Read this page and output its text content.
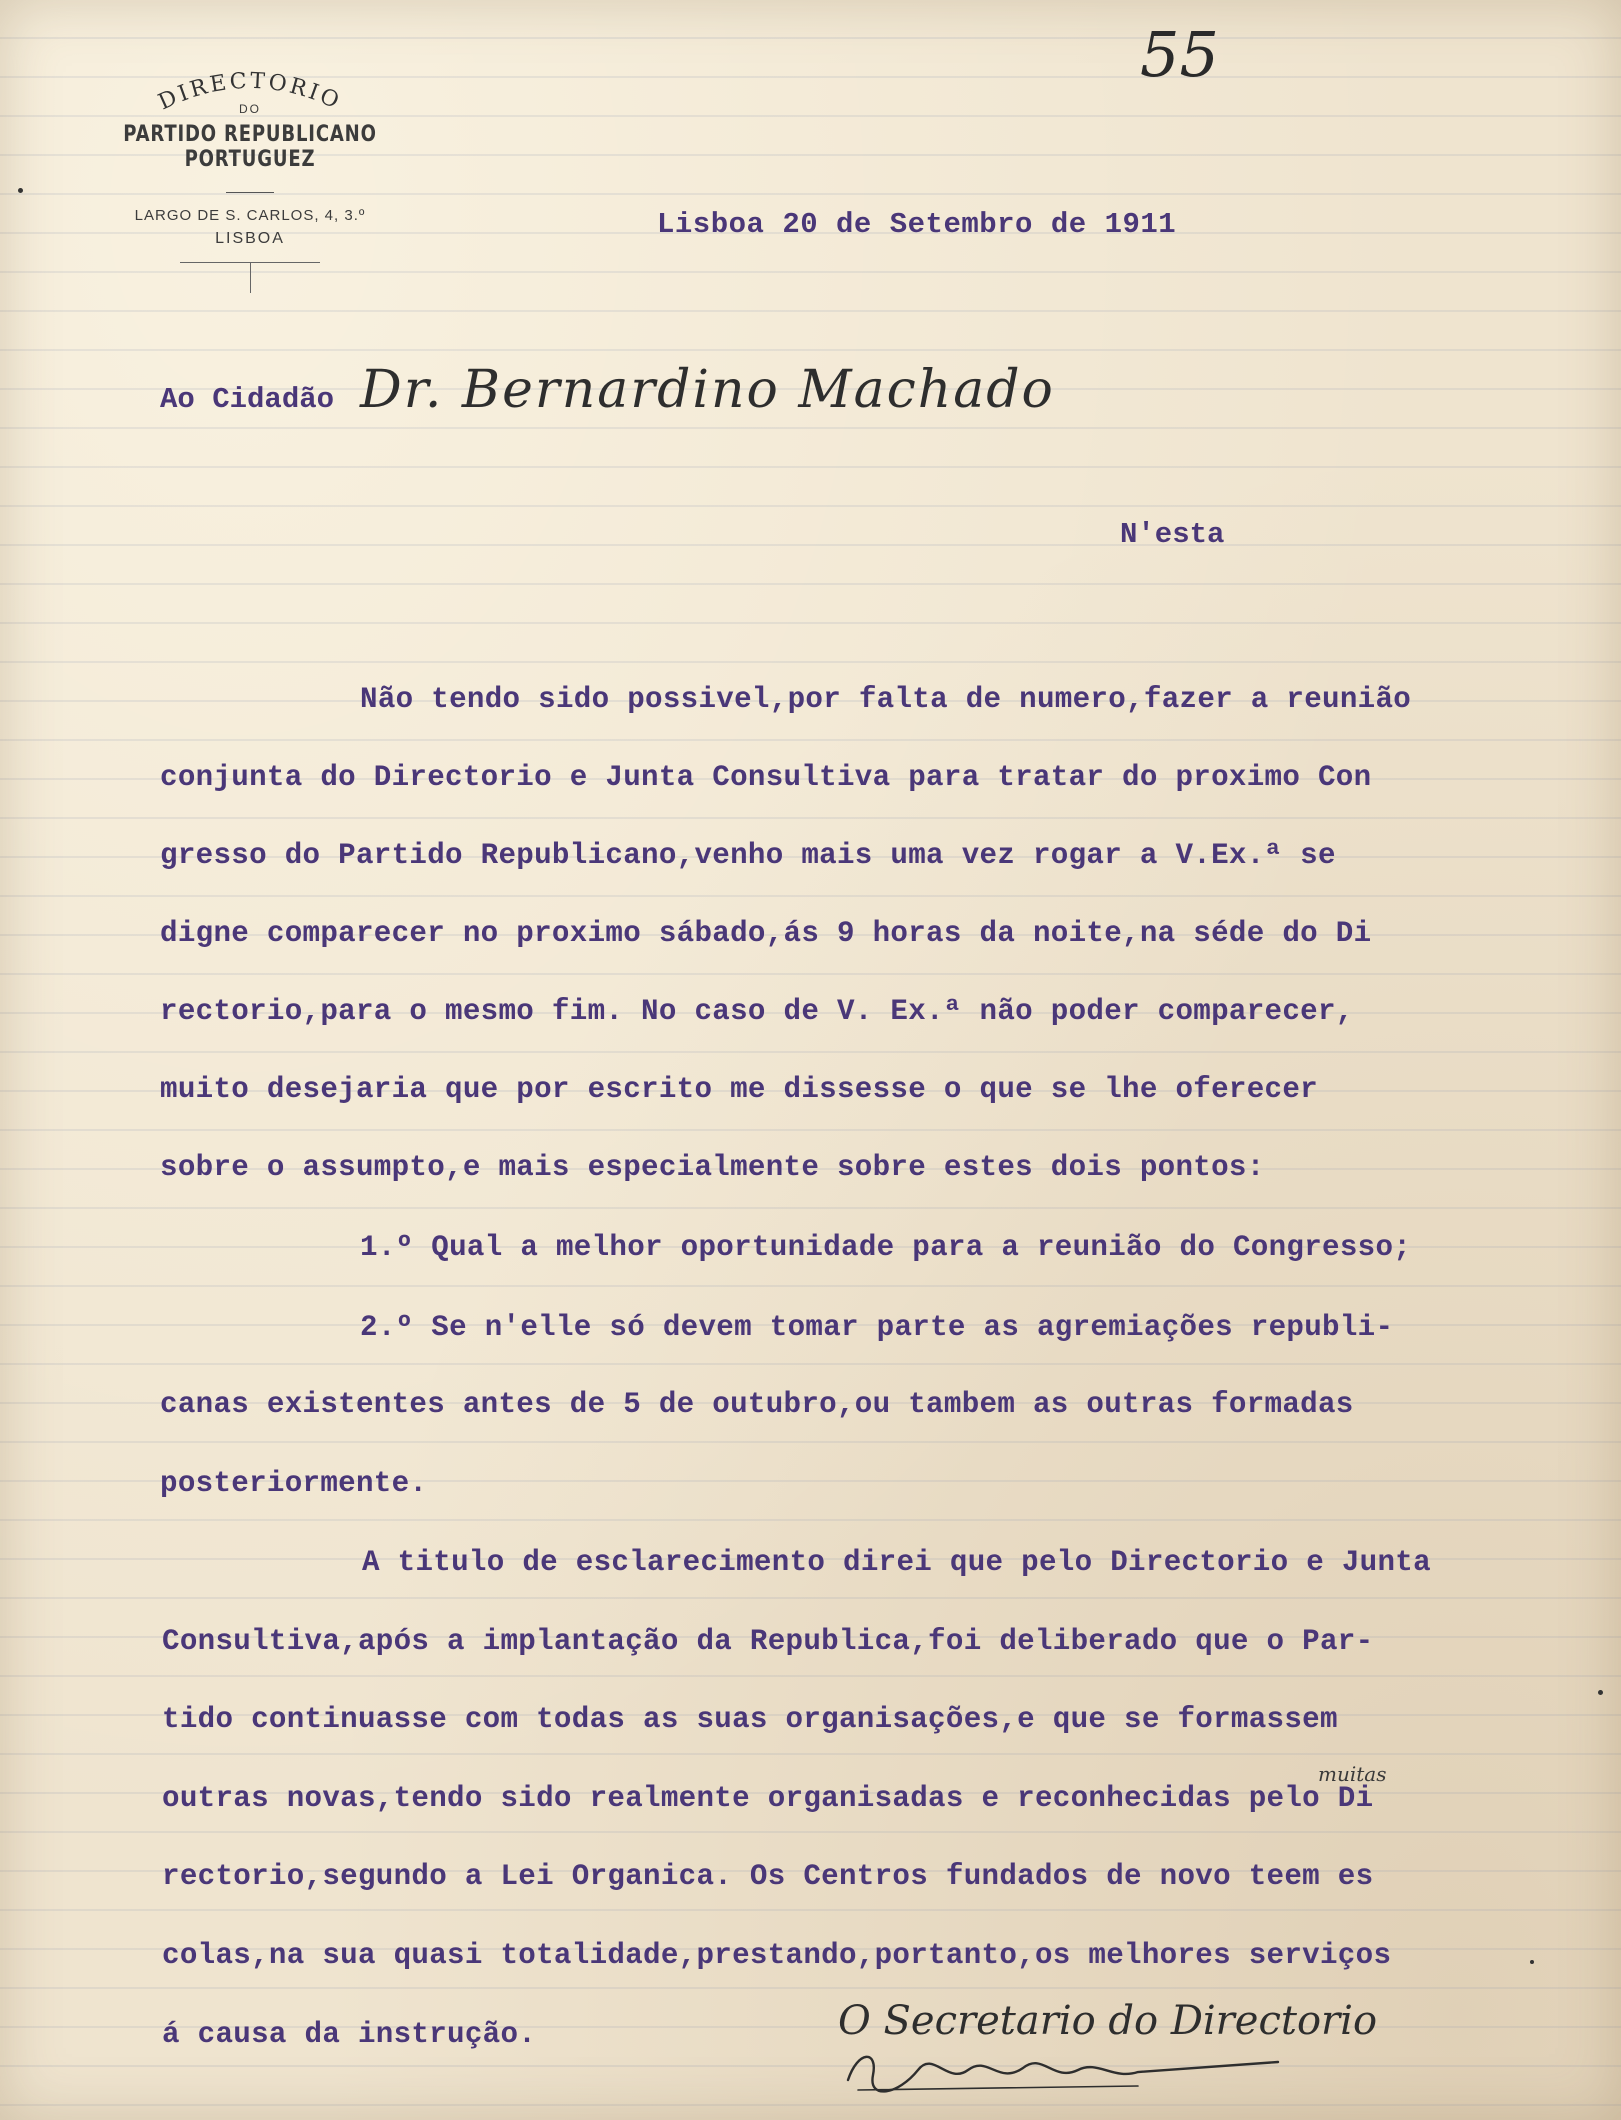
DIRECTORIO
DO
PARTIDO REPUBLICANO PORTUGUEZ
LARGO DE S. CARLOS, 4, 3.º
LISBOA
55
Lisboa 20 de Setembro de 1911
Ao Cidadão Dr. Bernardino Machado
N'esta
Não tendo sido possivel,por falta de numero,fazer a reunião
conjunta do Directorio e Junta Consultiva para tratar do proximo Con
gresso do Partido Republicano,venho mais uma vez rogar a V.Ex.ª se
digne comparecer no proximo sábado,ás 9 horas da noite,na séde do Di
rectorio,para o mesmo fim. No caso de V. Ex.ª não poder comparecer,
muito desejaria que por escrito me dissesse o que se lhe oferecer
sobre o assumpto,e mais especialmente sobre estes dois pontos:
1.º Qual a melhor oportunidade para a reunião do Congresso;
2.º Se n'elle só devem tomar parte as agremiações republi-
canas existentes antes de 5 de outubro,ou tambem as outras formadas
posteriormente.
A titulo de esclarecimento direi que pelo Directorio e Junta
Consultiva,após a implantação da Republica,foi deliberado que o Par-
tido continuasse com todas as suas organisações,e que se formassem
outras novas,tendo sido realmente organisadas e reconhecidas pelo Di
rectorio,segundo a Lei Organica. Os Centros fundados de novo teem es
colas,na sua quasi totalidade,prestando,portanto,os melhores serviços
á causa da instrução.
muitas
O Secretario do Directorio
